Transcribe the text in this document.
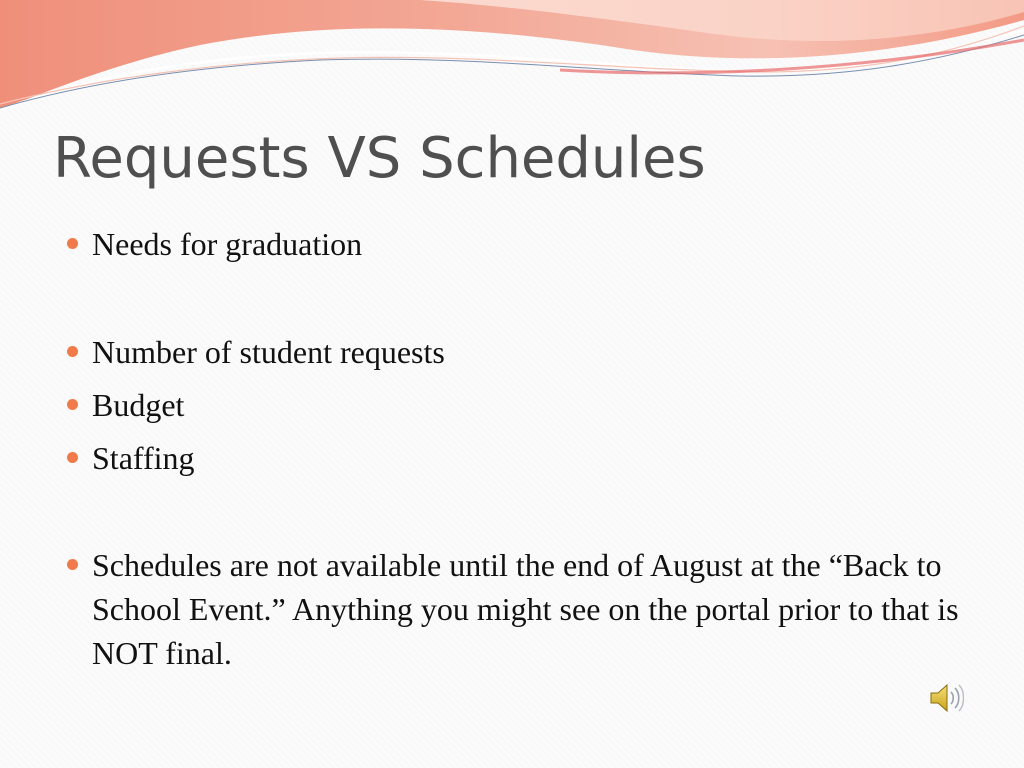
Requests VS Schedules
Needs for graduation
Number of student requests
Budget
Staffing
Schedules are not available until the end of August at the “Back to School Event.” Anything you might see on the portal prior to that is NOT final.
